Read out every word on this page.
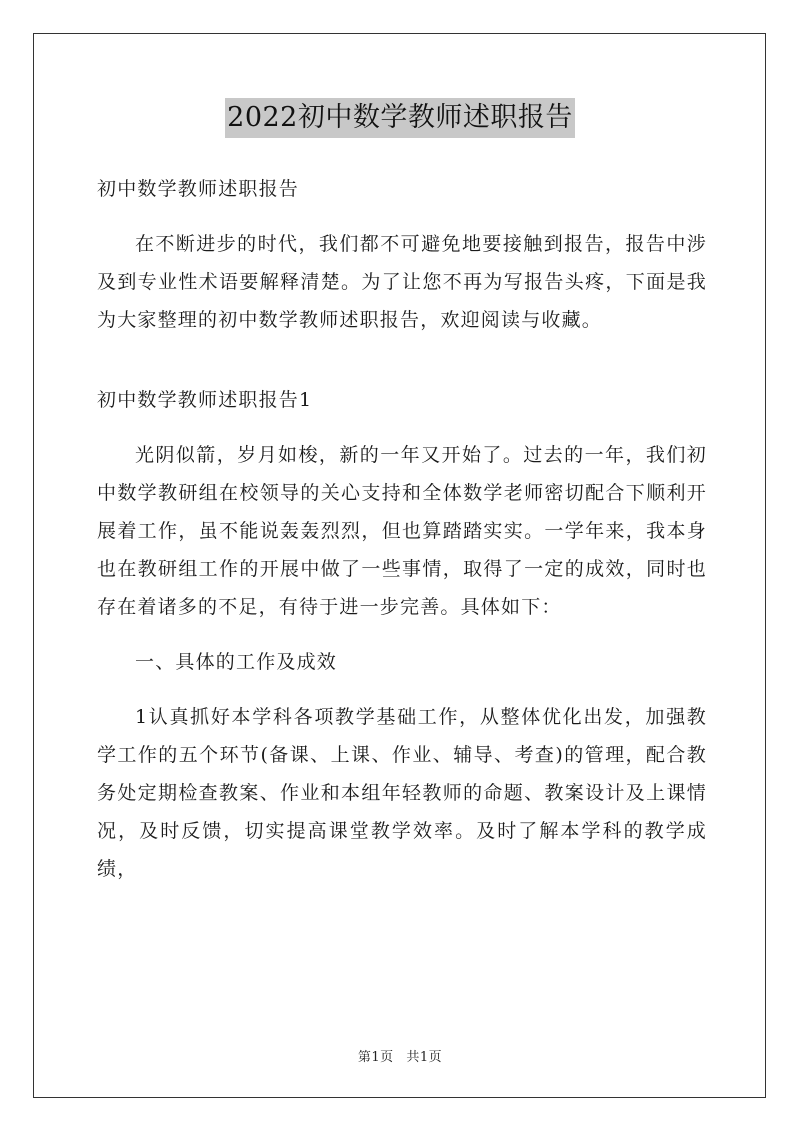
2022初中数学教师述职报告

初中数学教师述职报告

在不断进步的时代，我们都不可避免地要接触到报告，报告中涉及到专业性术语要解释清楚。为了让您不再为写报告头疼，下面是我为大家整理的初中数学教师述职报告，欢迎阅读与收藏。

初中数学教师述职报告1

光阴似箭，岁月如梭，新的一年又开始了。过去的一年，我们初中数学教研组在校领导的关心支持和全体数学老师密切配合下顺利开展着工作，虽不能说轰轰烈烈，但也算踏踏实实。一学年来，我本身也在教研组工作的开展中做了一些事情，取得了一定的成效，同时也存在着诸多的不足，有待于进一步完善。具体如下：

一、具体的工作及成效

1认真抓好本学科各项教学基础工作，从整体优化出发，加强教学工作的五个环节(备课、上课、作业、辅导、考查)的管理，配合教务处定期检查教案、作业和本组年轻教师的命题、教案设计及上课情况，及时反馈，切实提高课堂教学效率。及时了解本学科的教学成绩，

第1页 共1页
